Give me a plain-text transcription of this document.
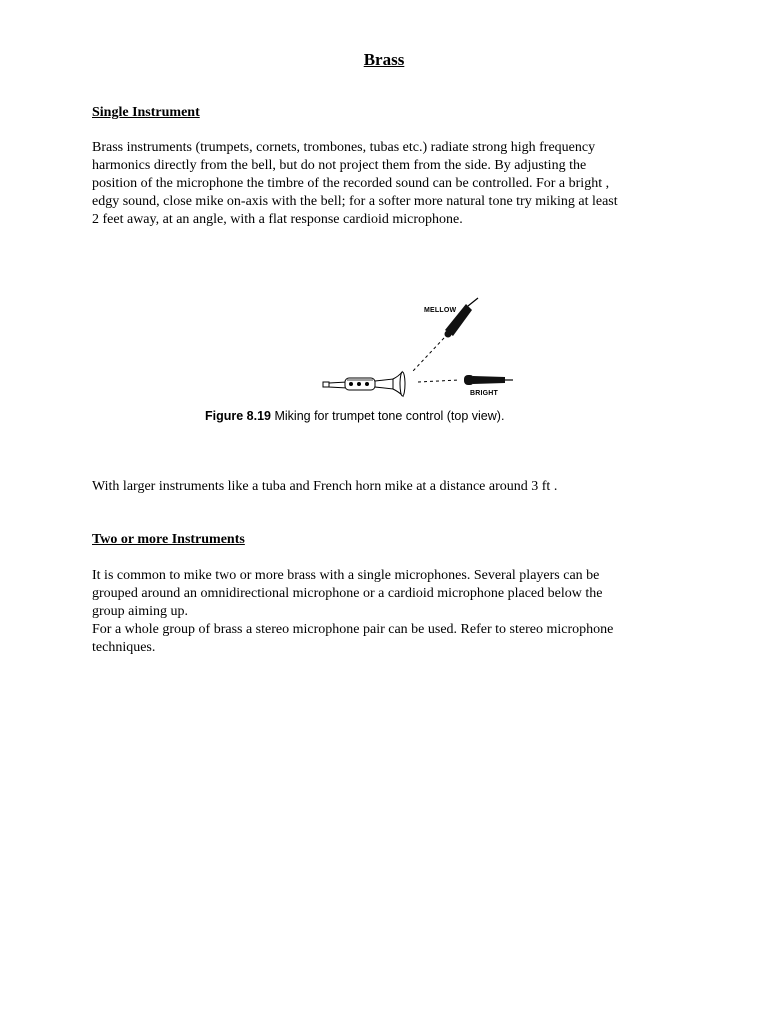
Brass
Single Instrument

Brass instruments (trumpets, cornets, trombones, tubas etc.) radiate strong high frequency
harmonics directly from the bell, but do not project them from the side. By adjusting the
position of the microphone the timbre of the recorded sound can be controlled. For a bright ,
edgy sound, close mike on-axis with the bell; for a softer more natural tone try miking at least
2 feet away, at an angle, with a flat response cardioid microphone.

MELLOW
BRIGHT
Figure 8.19 Miking for trumpet tone control (top view).

With larger instruments like a tuba and French horn mike at a distance around 3 ft .

Two or more Instruments

It is common to mike two or more brass with a single microphones. Several players can be
grouped around an omnidirectional microphone or a cardioid microphone placed below the
group aiming up.
For a whole group of brass a stereo microphone pair can be used. Refer to stereo microphone
techniques.
